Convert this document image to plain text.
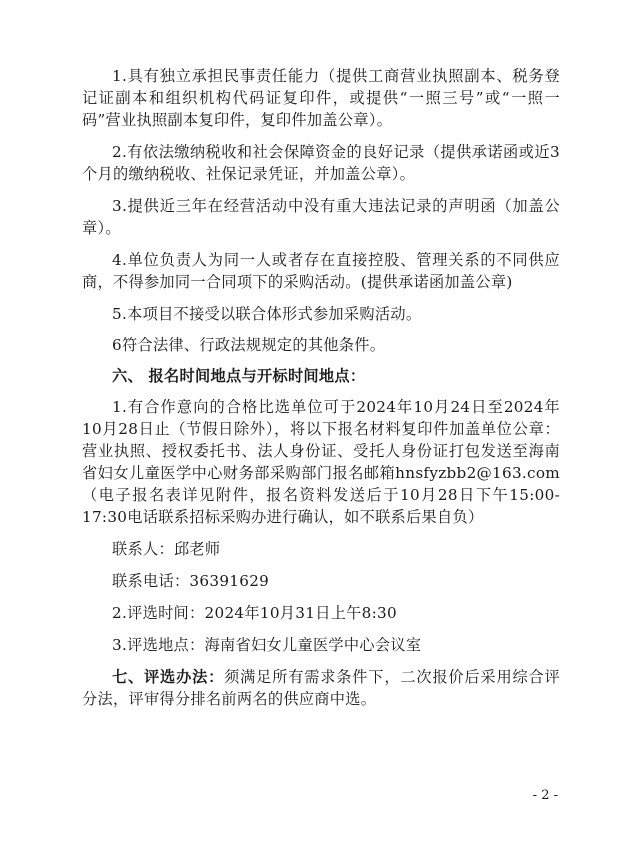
1.具有独立承担民事责任能力（提供工商营业执照副本、税务登记证副本和组织机构代码证复印件，或提供“一照三号”或“一照一码”营业执照副本复印件，复印件加盖公章）。

2.有依法缴纳税收和社会保障资金的良好记录（提供承诺函或近3个月的缴纳税收、社保记录凭证，并加盖公章）。

3.提供近三年在经营活动中没有重大违法记录的声明函（加盖公章）。

4.单位负责人为同一人或者存在直接控股、管理关系的不同供应商，不得参加同一合同项下的采购活动。(提供承诺函加盖公章)

5.本项目不接受以联合体形式参加采购活动。

6符合法律、行政法规规定的其他条件。

六、 报名时间地点与开标时间地点：

1.有合作意向的合格比选单位可于2024年10月24日至2024年10月28日止（节假日除外），将以下报名材料复印件加盖单位公章：营业执照、授权委托书、法人身份证、受托人身份证打包发送至海南省妇女儿童医学中心财务部采购部门报名邮箱hnsfyzbb2@163.com（电子报名表详见附件，报名资料发送后于10月28日下午15:00-17:30电话联系招标采购办进行确认，如不联系后果自负）

联系人：邱老师

联系电话：36391629

2.评选时间：2024年10月31日上午8:30

3.评选地点：海南省妇女儿童医学中心会议室

七、评选办法：须满足所有需求条件下，二次报价后采用综合评分法，评审得分排名前两名的供应商中选。

- 2 -
